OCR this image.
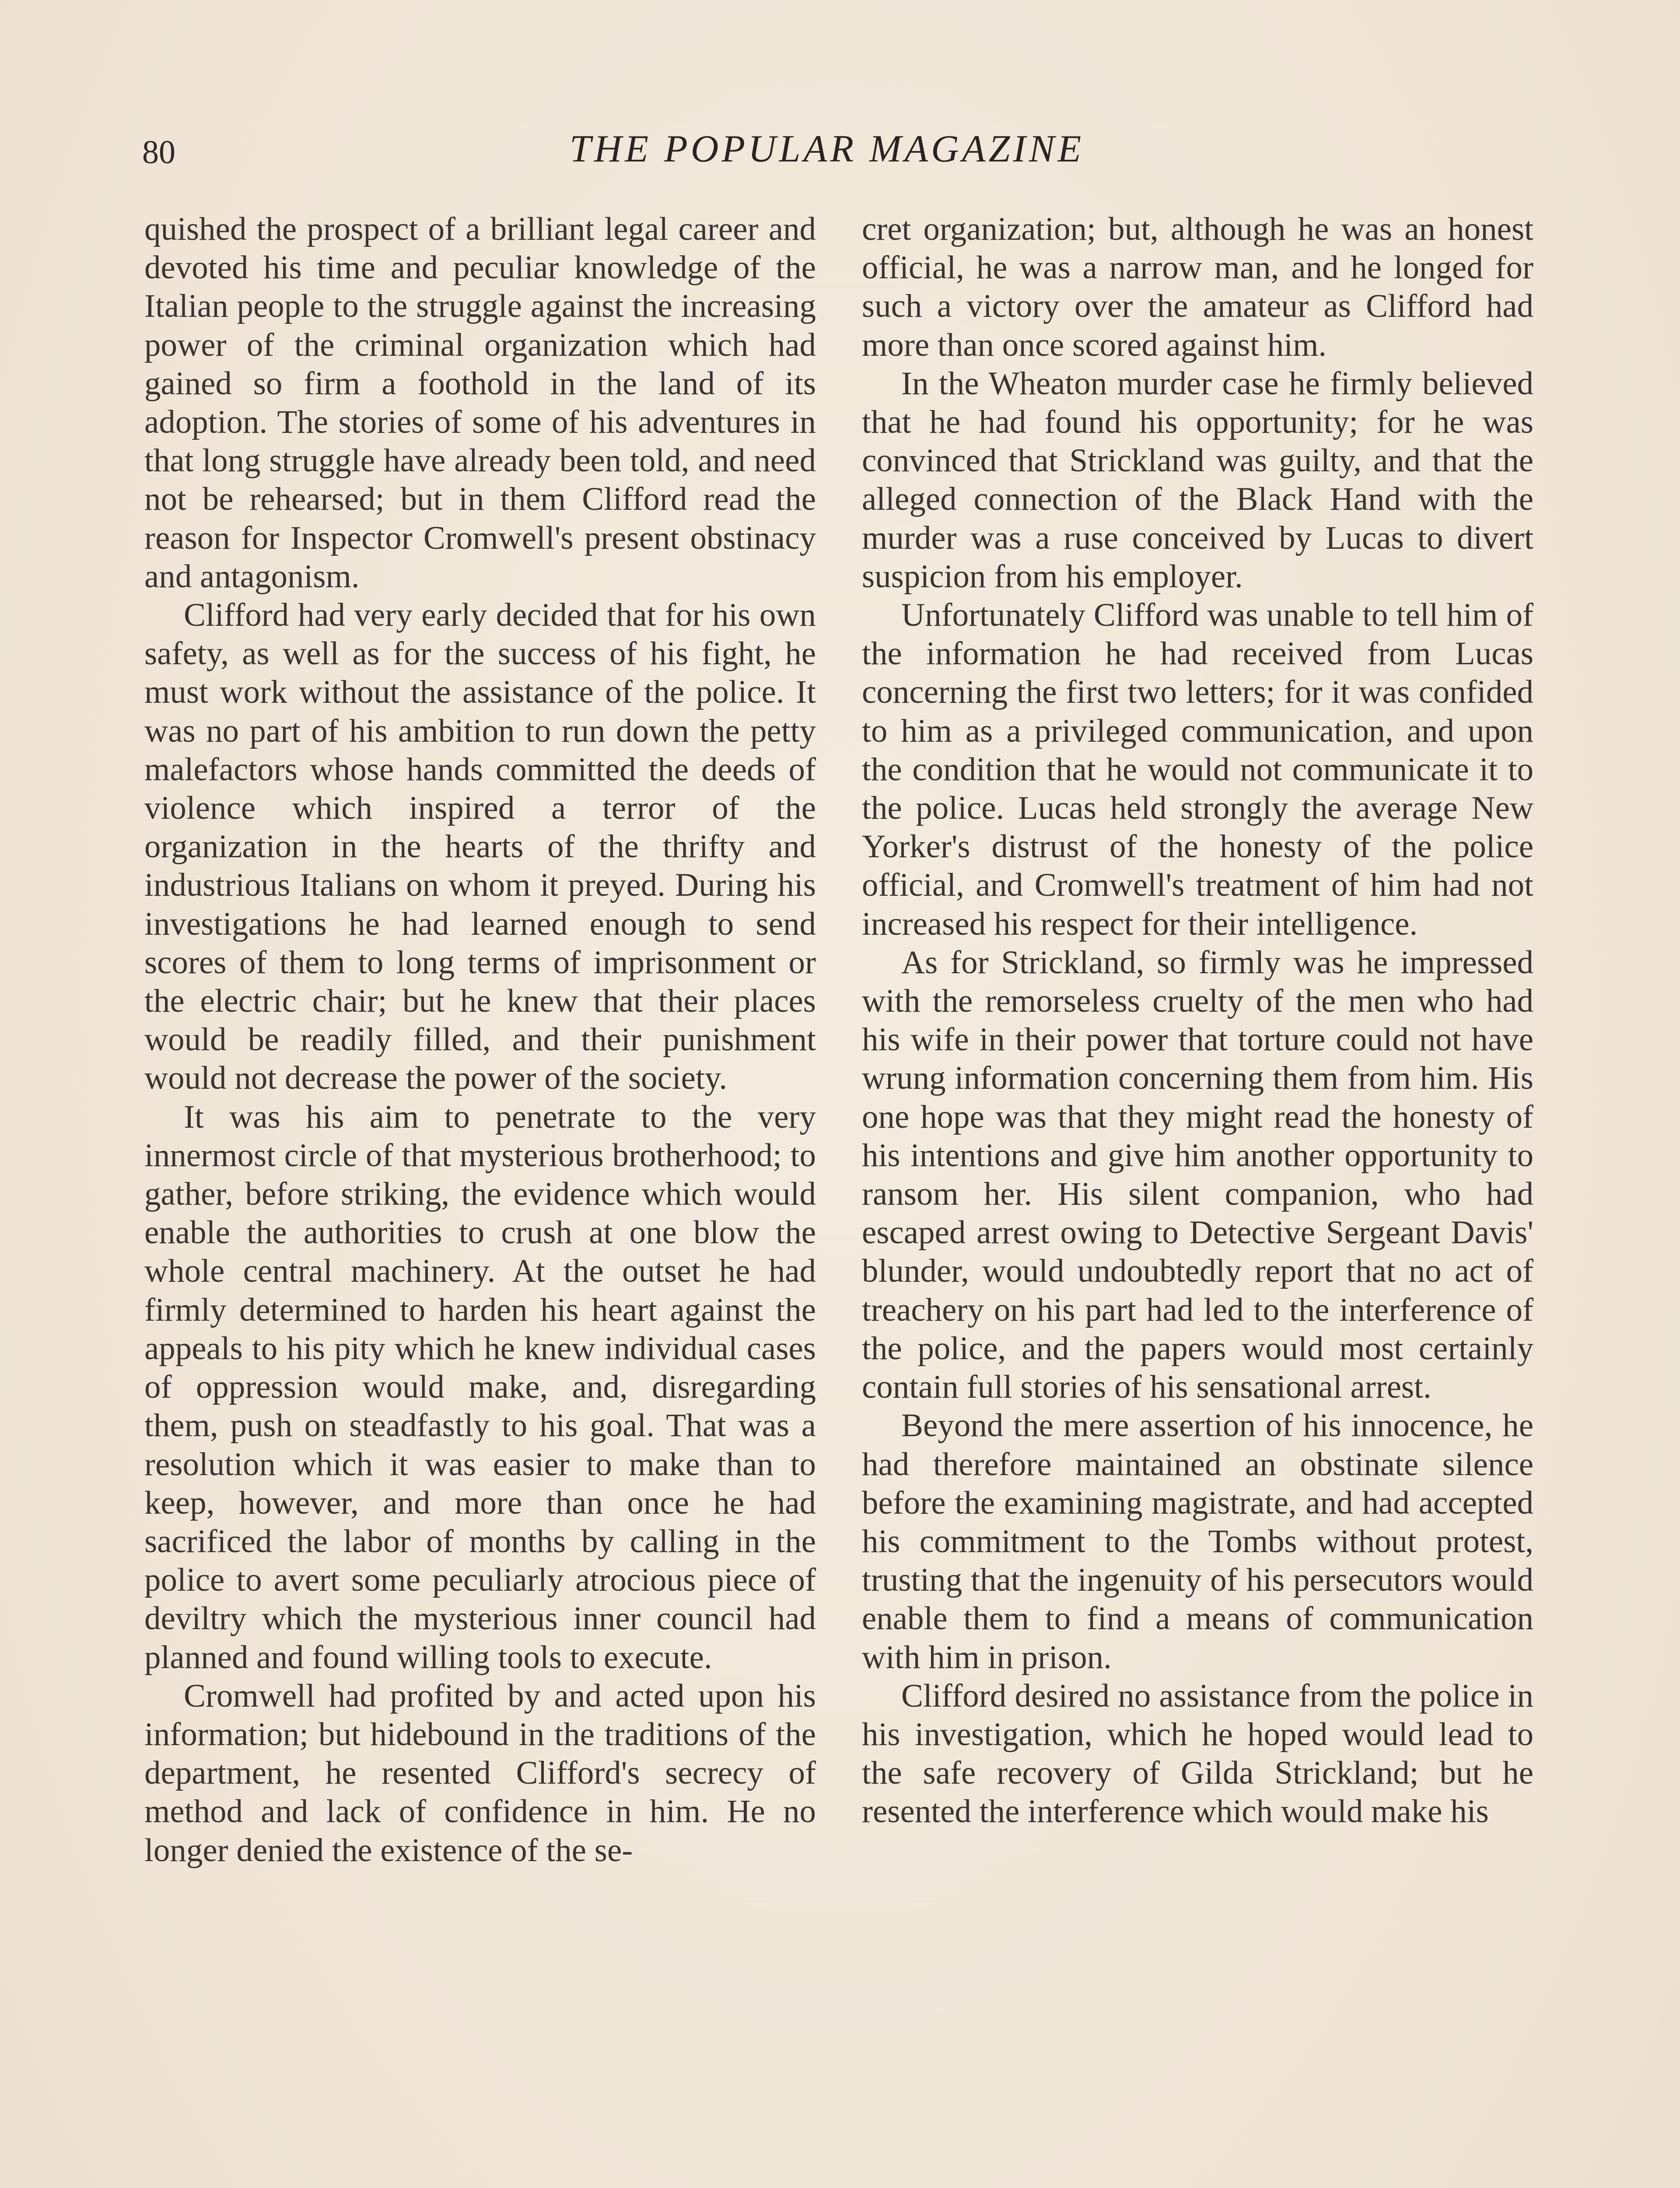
80	THE POPULAR MAGAZINE

quished the prospect of a brilliant legal career and devoted his time and peculiar knowledge of the Italian people to the struggle against the increasing power of the criminal organization which had gained so firm a foothold in the land of its adoption. The stories of some of his adventures in that long struggle have already been told, and need not be rehearsed; but in them Clifford read the reason for Inspector Cromwell's present obstinacy and antagonism.

Clifford had very early decided that for his own safety, as well as for the success of his fight, he must work without the assistance of the police. It was no part of his ambition to run down the petty malefactors whose hands committed the deeds of violence which inspired a terror of the organization in the hearts of the thrifty and industrious Italians on whom it preyed. During his investigations he had learned enough to send scores of them to long terms of imprisonment or the electric chair; but he knew that their places would be readily filled, and their punishment would not decrease the power of the society.

It was his aim to penetrate to the very innermost circle of that mysterious brotherhood; to gather, before striking, the evidence which would enable the authorities to crush at one blow the whole central machinery. At the outset he had firmly determined to harden his heart against the appeals to his pity which he knew individual cases of oppression would make, and, disregarding them, push on steadfastly to his goal. That was a resolution which it was easier to make than to keep, however, and more than once he had sacrificed the labor of months by calling in the police to avert some peculiarly atrocious piece of deviltry which the mysterious inner council had planned and found willing tools to execute.

Cromwell had profited by and acted upon his information; but hidebound in the traditions of the department, he resented Clifford's secrecy of method and lack of confidence in him. He no longer denied the existence of the se-

cret organization; but, although he was an honest official, he was a narrow man, and he longed for such a victory over the amateur as Clifford had more than once scored against him.

In the Wheaton murder case he firmly believed that he had found his opportunity; for he was convinced that Strickland was guilty, and that the alleged connection of the Black Hand with the murder was a ruse conceived by Lucas to divert suspicion from his employer.

Unfortunately Clifford was unable to tell him of the information he had received from Lucas concerning the first two letters; for it was confided to him as a privileged communication, and upon the condition that he would not communicate it to the police. Lucas held strongly the average New Yorker's distrust of the honesty of the police official, and Cromwell's treatment of him had not increased his respect for their intelligence.

As for Strickland, so firmly was he impressed with the remorseless cruelty of the men who had his wife in their power that torture could not have wrung information concerning them from him. His one hope was that they might read the honesty of his intentions and give him another opportunity to ransom her. His silent companion, who had escaped arrest owing to Detective Sergeant Davis' blunder, would undoubtedly report that no act of treachery on his part had led to the interference of the police, and the papers would most certainly contain full stories of his sensational arrest.

Beyond the mere assertion of his innocence, he had therefore maintained an obstinate silence before the examining magistrate, and had accepted his commitment to the Tombs without protest, trusting that the ingenuity of his persecutors would enable them to find a means of communication with him in prison.

Clifford desired no assistance from the police in his investigation, which he hoped would lead to the safe recovery of Gilda Strickland; but he resented the interference which would make his
